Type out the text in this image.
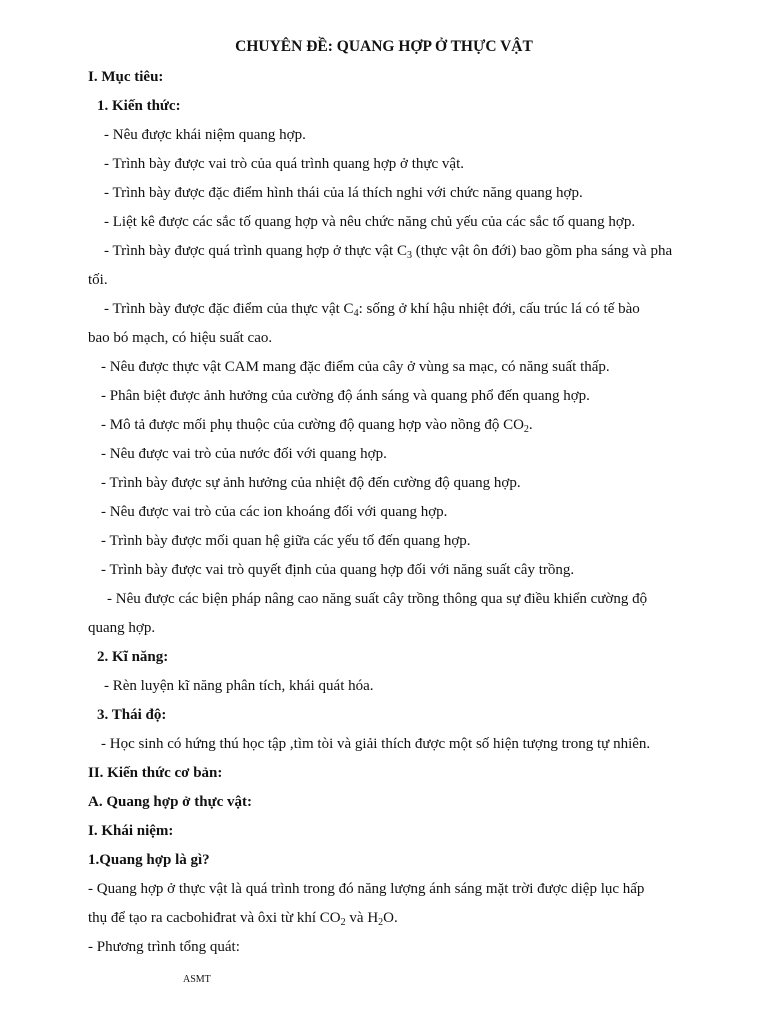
CHUYÊN ĐỀ: QUANG HỢP Ở THỰC VẬT
I. Mục tiêu:
1. Kiến thức:
- Nêu được khái niệm quang hợp.
- Trình bày được vai trò của quá trình quang hợp ở thực vật.
- Trình bày được đặc điểm hình thái của lá thích nghi với chức năng quang hợp.
- Liệt kê được các sắc tố quang hợp và nêu chức năng chủ yếu của các sắc tố quang hợp.
- Trình bày được quá trình quang hợp ở thực vật $C_3$ (thực vật ôn đới) bao gồm pha sáng và pha
tối.
- Trình bày được đặc điểm của thực vật $C_4$: sống ở khí hậu nhiệt đới, cấu trúc lá có tế bào
bao bó mạch, có hiệu suất cao.
- Nêu được thực vật CAM mang đặc điểm của cây ở vùng sa mạc, có năng suất thấp.
- Phân biệt được ảnh hưởng của cường độ ánh sáng và quang phổ đến quang hợp.
- Mô tả được mối phụ thuộc của cường độ quang hợp vào nồng độ $CO_2$.
- Nêu được vai trò của nước đối với quang hợp.
- Trình bày được sự ảnh hưởng của nhiệt độ đến cường độ quang hợp.
- Nêu được vai trò của các ion khoáng đối với quang hợp.
- Trình bày được mối quan hệ giữa các yếu tố đến quang hợp.
- Trình bày được vai trò quyết định của quang hợp đối với năng suất cây trồng.
- Nêu được các biện pháp nâng cao năng suất cây trồng thông qua sự điều khiển cường độ
quang hợp.
2. Kĩ năng:
- Rèn luyện kĩ năng phân tích, khái quát hóa.
3. Thái độ:
- Học sinh có hứng thú học tập ,tìm tòi và giải thích được một số hiện tượng trong tự nhiên.
II. Kiến thức cơ bản:
A. Quang hợp ở thực vật:
I. Khái niệm:
1.Quang hợp là gì?
- Quang hợp ở thực vật là quá trình trong đó năng lượng ánh sáng mặt trời được diệp lục hấp
thụ để tạo ra cacbohiđrat và ôxi từ khí $CO_2$ và $H_2O$.
- Phương trình tổng quát:
ASMT
